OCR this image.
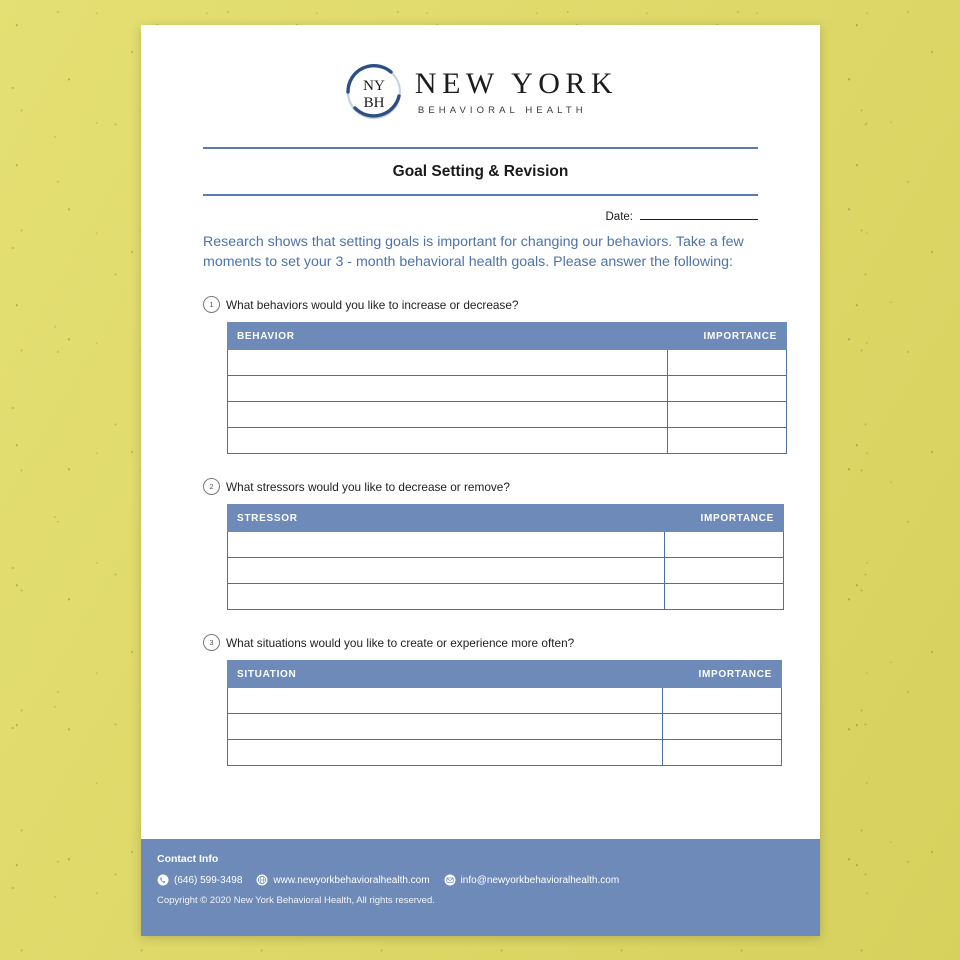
NY
BH
NEW YORK
BEHAVIORAL HEALTH
Goal Setting & Revision
Date:
Research shows that setting goals is important for changing our behaviors. Take a few moments to set your 3 - month behavioral health goals. Please answer the following:
1	What behaviors would you like to increase or decrease?
BEHAVIOR	IMPORTANCE

2	What stressors would you like to decrease or remove?
STRESSOR	IMPORTANCE

3	What situations would you like to create or experience more often?
SITUATION	IMPORTANCE

Contact Info
(646) 599-3498	www.newyorkbehavioralhealth.com	info@newyorkbehavioralhealth.com
Copyright © 2020 New York Behavioral Health, All rights reserved.
